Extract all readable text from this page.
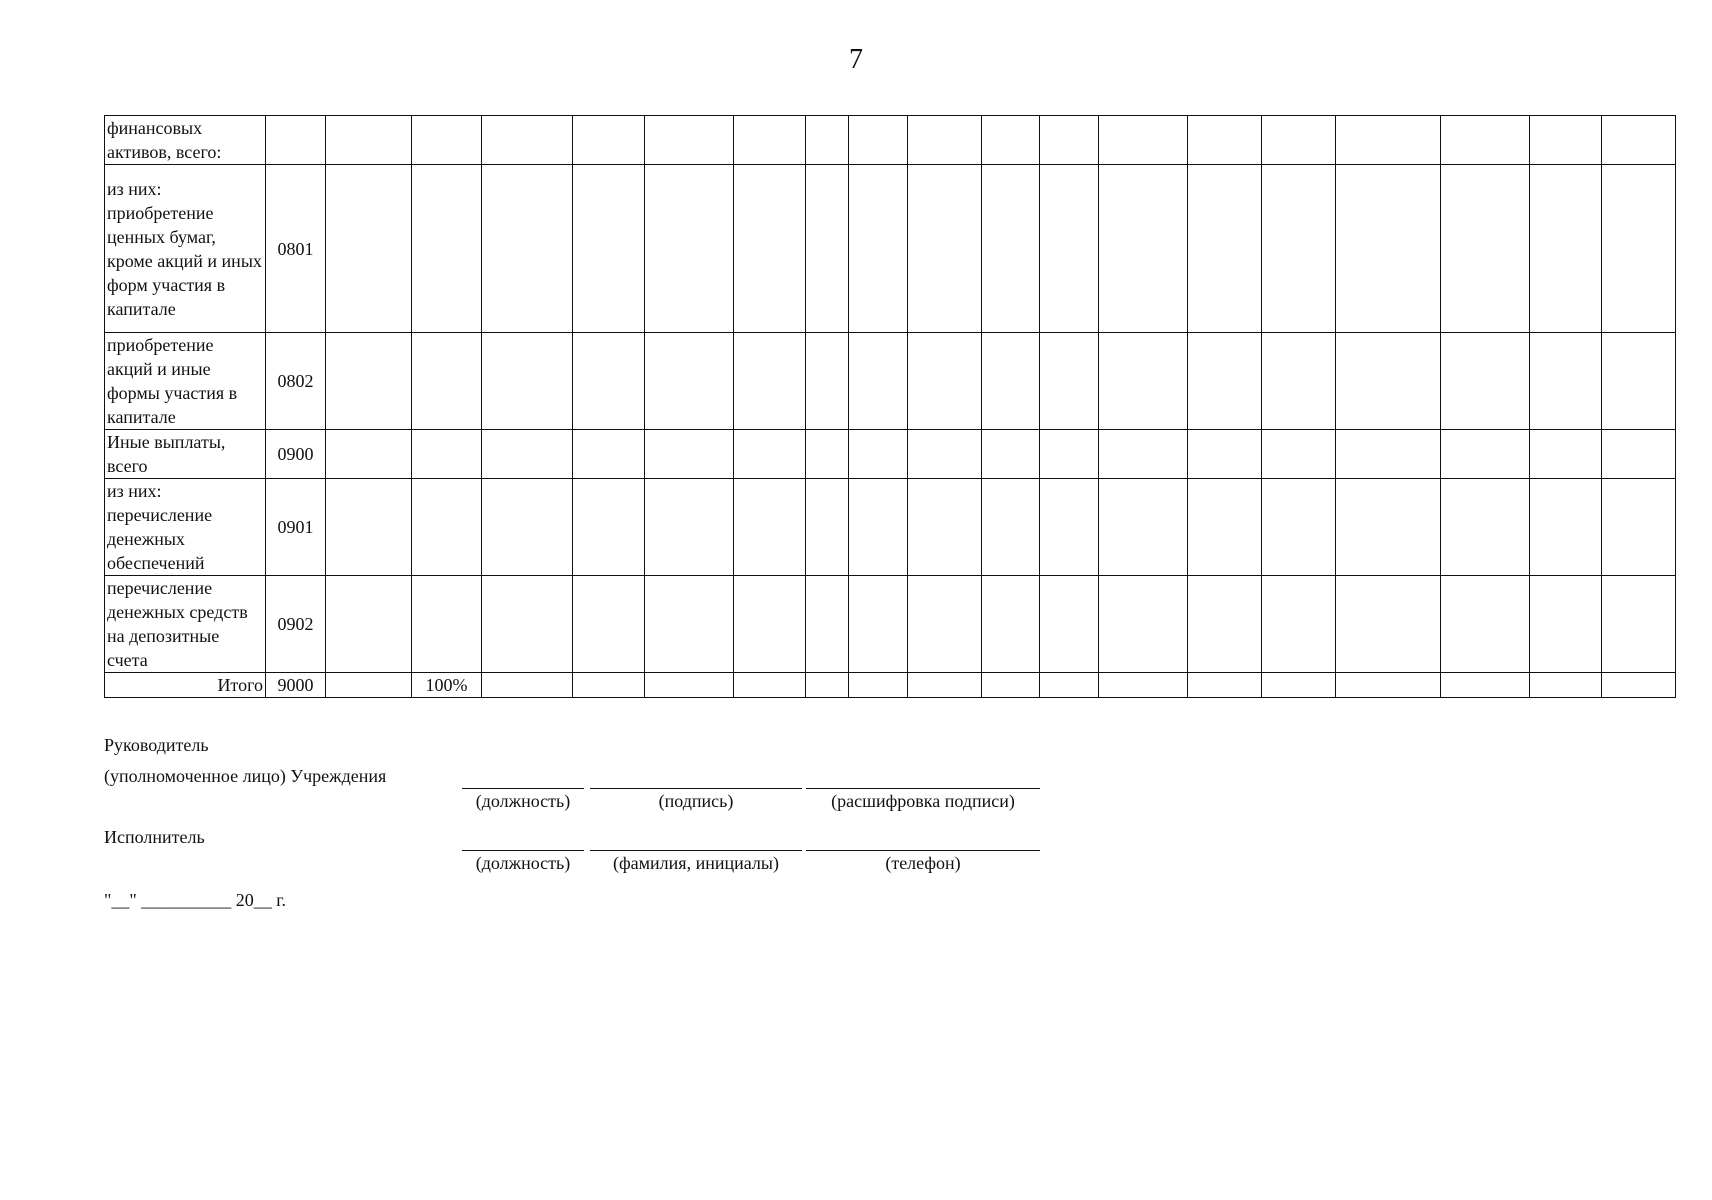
7
финансовых активов, всего:																			
из них: приобретение ценных бумаг, кроме акций и иных форм участия в капитале	0801																		
приобретение акций и иные формы участия в капитале	0802																		
Иные выплаты, всего	0900																		
из них: перечисление денежных обеспечений	0901																		
перечисление денежных средств на депозитные счета	0902																		
Итого	9000		100%																
Руководитель
(уполномоченное лицо) Учреждения
(должность)	(подпись)	(расшифровка подписи)
Исполнитель
(должность)	(фамилия, инициалы)	(телефон)
"__" __________ 20__ г.
